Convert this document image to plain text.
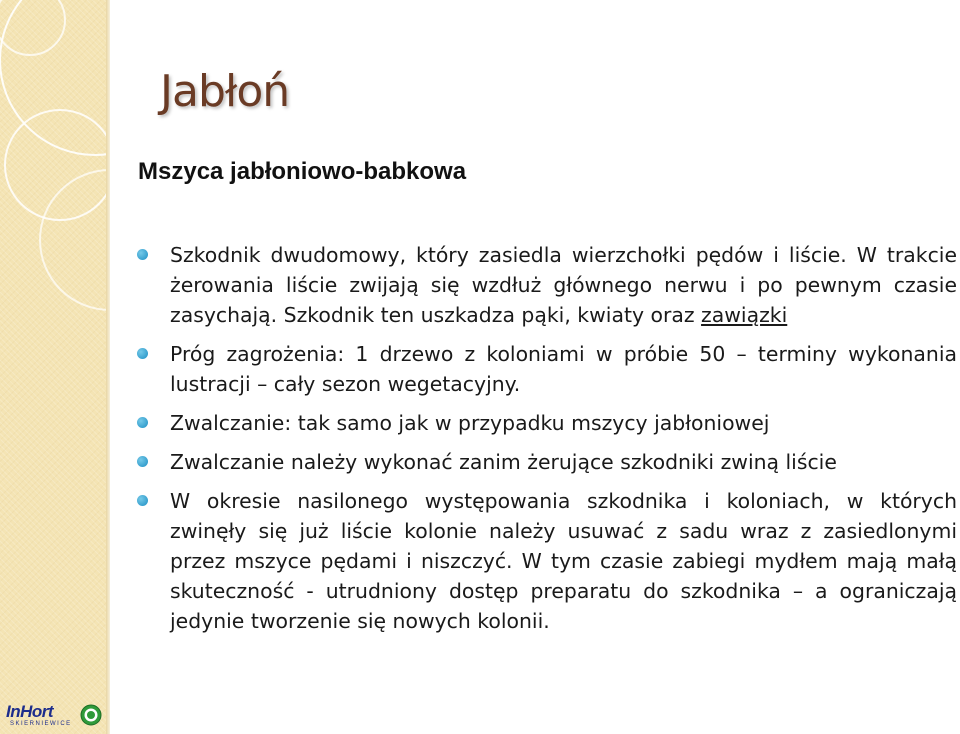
Jabłoń
Mszyca jabłoniowo-babkowa
Szkodnik dwudomowy, który zasiedla wierzchołki pędów i liście. W trakcie żerowania liście zwijają się wzdłuż głównego nerwu i po pewnym czasie zasychają. Szkodnik ten uszkadza pąki, kwiaty oraz zawiązki
Próg zagrożenia: 1 drzewo z koloniami w próbie 50 – terminy wykonania lustracji – cały sezon wegetacyjny.
Zwalczanie: tak samo jak w przypadku mszycy jabłoniowej
Zwalczanie należy wykonać zanim żerujące szkodniki zwiną liście
W okresie nasilonego występowania szkodnika i koloniach, w których zwinęły się już liście kolonie należy usuwać z sadu wraz z zasiedlonymi przez mszyce pędami i niszczyć. W tym czasie zabiegi mydłem mają małą skuteczność - utrudniony dostęp preparatu do szkodnika – a ograniczają jedynie tworzenie się nowych kolonii.
InHort
SKIERNIEWICE
